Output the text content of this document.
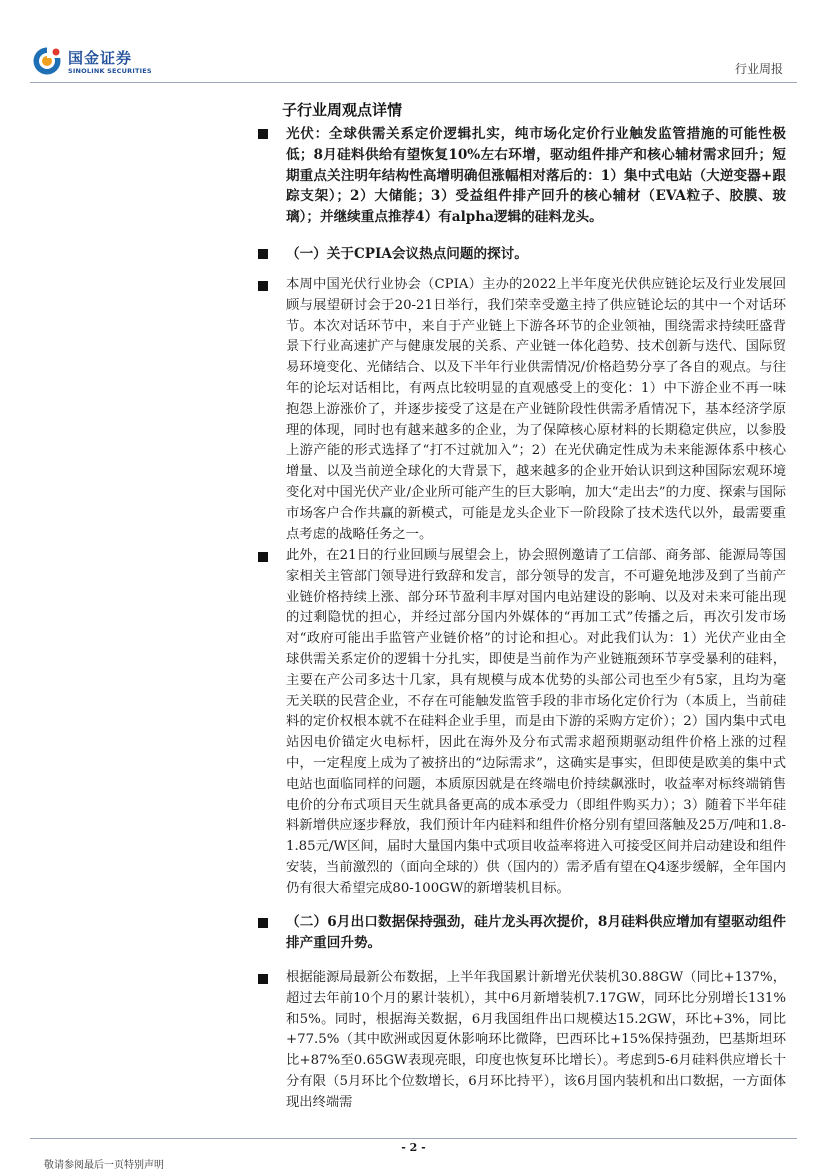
国金证券
SINOLINK SECURITIES	行业周报
子行业周观点详情
光伏：全球供需关系定价逻辑扎实，纯市场化定价行业触发监管措施的可能性极低；8月硅料供给有望恢复10%左右环增，驱动组件排产和核心辅材需求回升；短期重点关注明年结构性高增明确但涨幅相对落后的：1）集中式电站（大逆变器+跟踪支架）；2）大储能；3）受益组件排产回升的核心辅材（EVA粒子、胶膜、玻璃）；并继续重点推荐4）有alpha逻辑的硅料龙头。
（一）关于CPIA会议热点问题的探讨。
本周中国光伏行业协会（CPIA）主办的2022上半年度光伏供应链论坛及行业发展回顾与展望研讨会于20-21日举行，我们荣幸受邀主持了供应链论坛的其中一个对话环节。本次对话环节中，来自于产业链上下游各环节的企业领袖，围绕需求持续旺盛背景下行业高速扩产与健康发展的关系、产业链一体化趋势、技术创新与迭代、国际贸易环境变化、光储结合、以及下半年行业供需情况/价格趋势分享了各自的观点。与往年的论坛对话相比，有两点比较明显的直观感受上的变化：1）中下游企业不再一味抱怨上游涨价了，并逐步接受了这是在产业链阶段性供需矛盾情况下，基本经济学原理的体现，同时也有越来越多的企业，为了保障核心原材料的长期稳定供应，以参股上游产能的形式选择了“打不过就加入”；2）在光伏确定性成为未来能源体系中核心增量、以及当前逆全球化的大背景下，越来越多的企业开始认识到这种国际宏观环境变化对中国光伏产业/企业所可能产生的巨大影响，加大“走出去”的力度、探索与国际市场客户合作共赢的新模式，可能是龙头企业下一阶段除了技术迭代以外，最需要重点考虑的战略任务之一。
此外，在21日的行业回顾与展望会上，协会照例邀请了工信部、商务部、能源局等国家相关主管部门领导进行致辞和发言，部分领导的发言，不可避免地涉及到了当前产业链价格持续上涨、部分环节盈利丰厚对国内电站建设的影响、以及对未来可能出现的过剩隐忧的担心，并经过部分国内外媒体的“再加工式”传播之后，再次引发市场对“政府可能出手监管产业链价格”的讨论和担心。对此我们认为：1）光伏产业由全球供需关系定价的逻辑十分扎实，即使是当前作为产业链瓶颈环节享受暴利的硅料，主要在产公司多达十几家，具有规模与成本优势的头部公司也至少有5家，且均为毫无关联的民营企业，不存在可能触发监管手段的非市场化定价行为（本质上，当前硅料的定价权根本就不在硅料企业手里，而是由下游的采购方定价）；2）国内集中式电站因电价锚定火电标杆，因此在海外及分布式需求超预期驱动组件价格上涨的过程中，一定程度上成为了被挤出的“边际需求”，这确实是事实，但即使是欧美的集中式电站也面临同样的问题，本质原因就是在终端电价持续飙涨时，收益率对标终端销售电价的分布式项目天生就具备更高的成本承受力（即组件购买力）；3）随着下半年硅料新增供应逐步释放，我们预计年内硅料和组件价格分别有望回落触及25万/吨和1.8-1.85元/W区间，届时大量国内集中式项目收益率将进入可接受区间并启动建设和组件安装，当前激烈的（面向全球的）供（国内的）需矛盾有望在Q4逐步缓解，全年国内仍有很大希望完成80-100GW的新增装机目标。
（二）6月出口数据保持强劲，硅片龙头再次提价，8月硅料供应增加有望驱动组件排产重回升势。
根据能源局最新公布数据，上半年我国累计新增光伏装机30.88GW（同比+137%，超过去年前10个月的累计装机），其中6月新增装机7.17GW，同环比分别增长131%和5%。同时，根据海关数据，6月我国组件出口规模达15.2GW，环比+3%，同比+77.5%（其中欧洲或因夏休影响环比微降，巴西环比+15%保持强劲，巴基斯坦环比+87%至0.65GW表现亮眼，印度也恢复环比增长）。考虑到5-6月硅料供应增长十分有限（5月环比个位数增长，6月环比持平），该6月国内装机和出口数据，一方面体现出终端需
- 2 -
敬请参阅最后一页特别声明
